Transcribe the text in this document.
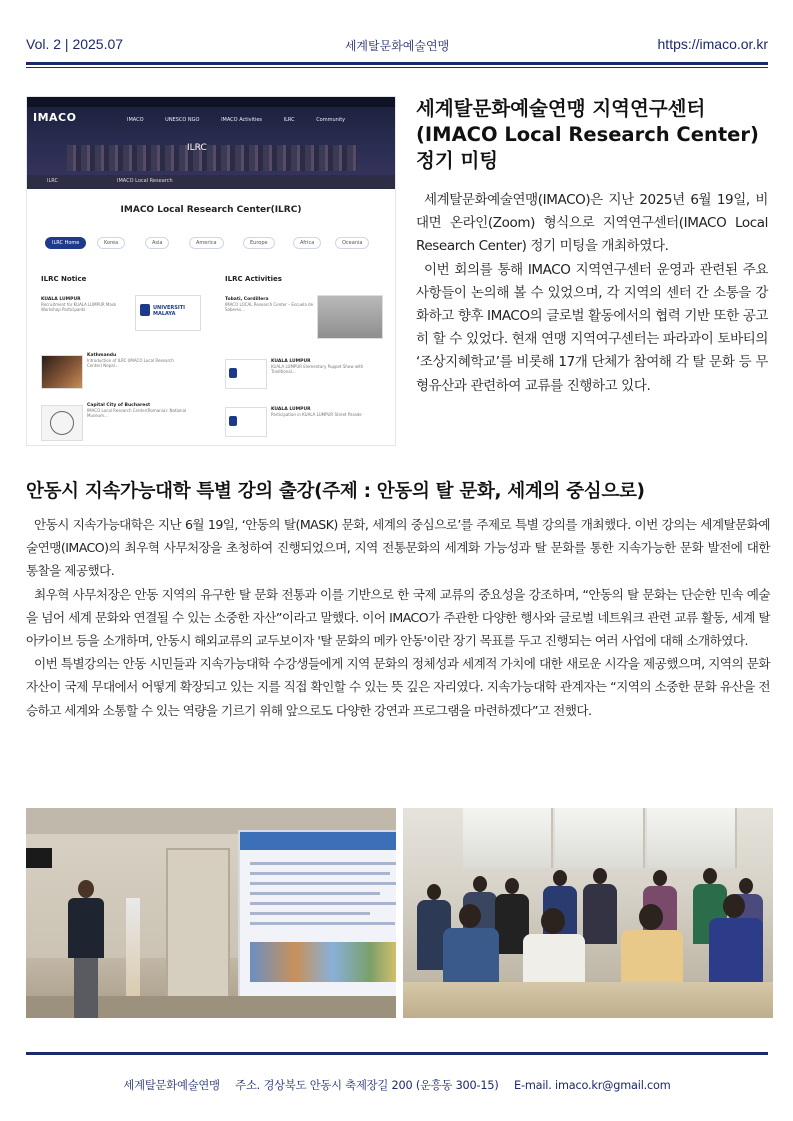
Vol. 2 | 2025.07	세계탈문화예술연맹	https://imaco.or.kr
IMACO	IMACO	UNESCO NGO	IMACO Activities	ILRC	Community
ILRC
ILRC	IMACO Local Research
IMACO Local Research Center(ILRC)
ILRC Home	Korea	Asia	America	Europe	Africa	Oceania
ILRC Notice	ILRC Activities
KUALA LUMPUR
Recruitment for KUALA LUMPUR Mask Workshop Participants	UNIVERSITI MALAYA
Kathmandu
Introduction of ILRC (IMACO Local Research Center) Nepal...
Capital City of Bucharest
IMACO Local Research Center(Romania): National Museum...
Tobati, Cordillera
IMACO LOCAL Research Center – Escuela de Saberes...
KUALA LUMPUR
KUALA LUMPUR Elementary Puppet Show with Traditional...
KUALA LUMPUR
Participation in KUALA LUMPUR Street Parade
세계탈문화예술연맹 지역연구센터 (IMACO Local Research Center) 정기 미팅

세계탈문화예술연맹(IMACO)은 지난 2025년 6월 19일, 비대면 온라인(Zoom) 형식으로 지역연구센터(IMACO Local Research Center) 정기 미팅을 개최하였다.

이번 회의를 통해 IMACO 지역연구센터 운영과 관련된 주요 사항들이 논의해 볼 수 있었으며, 각 지역의 센터 간 소통을 강화하고 향후 IMACO의 글로벌 활동에서의 협력 기반 또한 공고히 할 수 있었다. 현재 연맹 지역여구센터는 파라과이 토바티의 ‘조상지혜학교’를 비롯해 17개 단체가 참여해 각 탈 문화 등 무형유산과 관련하여 교류를 진행하고 있다.

안동시 지속가능대학 특별 강의 출강(주제 : 안동의 탈 문화, 세계의 중심으로)

안동시 지속가능대학은 지난 6월 19일, ‘안동의 탈(MASK) 문화, 세계의 중심으로’를 주제로 특별 강의를 개최했다. 이번 강의는 세계탈문화예술연맹(IMACO)의 최우혁 사무처장을 초청하여 진행되었으며, 지역 전통문화의 세계화 가능성과 탈 문화를 통한 지속가능한 문화 발전에 대한 통찰을 제공했다.

최우혁 사무처장은 안동 지역의 유구한 탈 문화 전통과 이를 기반으로 한 국제 교류의 중요성을 강조하며, “안동의 탈 문화는 단순한 민속 예술을 넘어 세계 문화와 연결될 수 있는 소중한 자산”이라고 말했다. 이어 IMACO가 주관한 다양한 행사와 글로벌 네트워크 관련 교류 활동, 세계 탈 아카이브 등을 소개하며, 안동시 해외교류의 교두보이자 '탈 문화의 메카 안동'이란 장기 목표를 두고 진행되는 여러 사업에 대해 소개하였다.

이번 특별강의는 안동 시민들과 지속가능대학 수강생들에게 지역 문화의 정체성과 세계적 가치에 대한 새로운 시각을 제공했으며, 지역의 문화 자산이 국제 무대에서 어떻게 확장되고 있는 지를 직접 확인할 수 있는 뜻 깊은 자리였다. 지속가능대학 관계자는 “지역의 소중한 문화 유산을 전승하고 세계와 소통할 수 있는 역량을 기르기 위해 앞으로도 다양한 강연과 프로그램을 마련하겠다”고 전했다.

세계탈문화예술연맹 주소. 경상북도 안동시 축제장길 200 (운흥동 300-15) E-mail. imaco.kr@gmail.com
